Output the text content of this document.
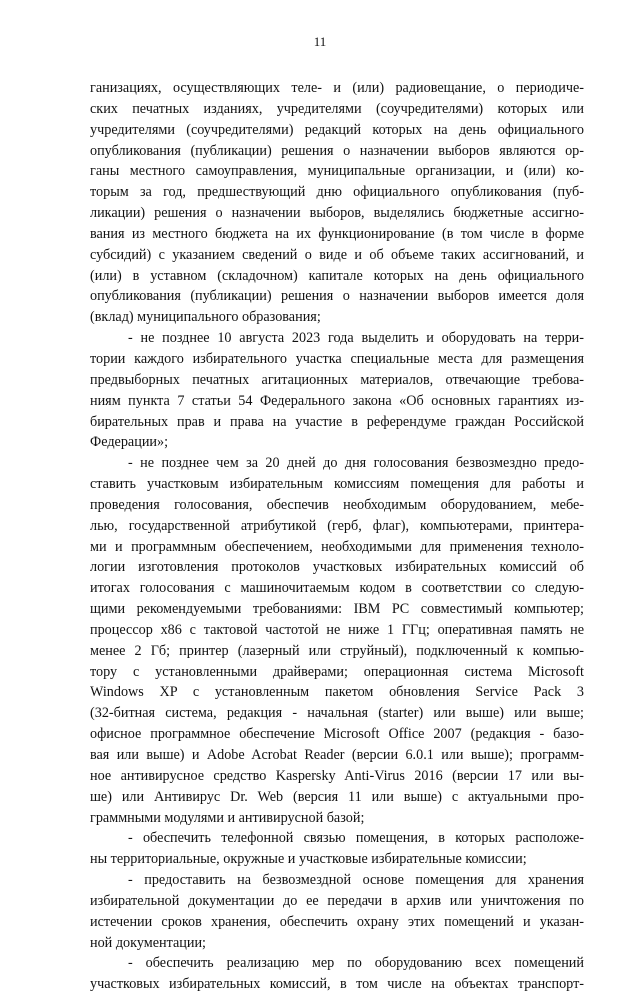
11
ганизациях, осуществляющих теле- и (или) радиовещание, о периодиче-
ских печатных изданиях, учредителями (соучредителями) которых или
учредителями (соучредителями) редакций которых на день официального
опубликования (публикации) решения о назначении выборов являются ор-
ганы местного самоуправления, муниципальные организации, и (или) ко-
торым за год, предшествующий дню официального опубликования (пуб-
ликации) решения о назначении выборов, выделялись бюджетные ассигно-
вания из местного бюджета на их функционирование (в том числе в форме
субсидий) с указанием сведений о виде и об объеме таких ассигнований, и
(или) в уставном (складочном) капитале которых на день официального
опубликования (публикации) решения о назначении выборов имеется доля
(вклад) муниципального образования;
- не позднее 10 августа 2023 года выделить и оборудовать на терри-
тории каждого избирательного участка специальные места для размещения
предвыборных печатных агитационных материалов, отвечающие требова-
ниям пункта 7 статьи 54 Федерального закона «Об основных гарантиях из-
бирательных прав и права на участие в референдуме граждан Российской
Федерации»;
- не позднее чем за 20 дней до дня голосования безвозмездно предо-
ставить участковым избирательным комиссиям помещения для работы и
проведения голосования, обеспечив необходимым оборудованием, мебе-
лью, государственной атрибутикой (герб, флаг), компьютерами, принтера-
ми и программным обеспечением, необходимыми для применения техноло-
логии изготовления протоколов участковых избирательных комиссий об
итогах голосования с машиночитаемым кодом в соответствии со следую-
щими рекомендуемыми требованиями: IBM PC совместимый компьютер;
процессор x86 с тактовой частотой не ниже 1 ГГц; оперативная память не
менее 2 Гб; принтер (лазерный или струйный), подключенный к компью-
тору с установленными драйверами; операционная система Microsoft
Windows XP с установленным пакетом обновления Service Pack 3
(32-битная система, редакция - начальная (starter) или выше) или выше;
офисное программное обеспечение Microsoft Office 2007 (редакция - базо-
вая или выше) и Adobe Acrobat Reader (версии 6.0.1 или выше); программ-
ное антивирусное средство Kaspersky Anti-Virus 2016 (версии 17 или вы-
ше) или Антивирус Dr. Web (версия 11 или выше) с актуальными про-
граммными модулями и антивирусной базой;
- обеспечить телефонной связью помещения, в которых расположе-
ны территориальные, окружные и участковые избирательные комиссии;
- предоставить на безвозмездной основе помещения для хранения
избирательной документации до ее передачи в архив или уничтожения по
истечении сроков хранения, обеспечить охрану этих помещений и указан-
ной документации;
- обеспечить реализацию мер по оборудованию всех помещений
участковых избирательных комиссий, в том числе на объектах транспорт-
